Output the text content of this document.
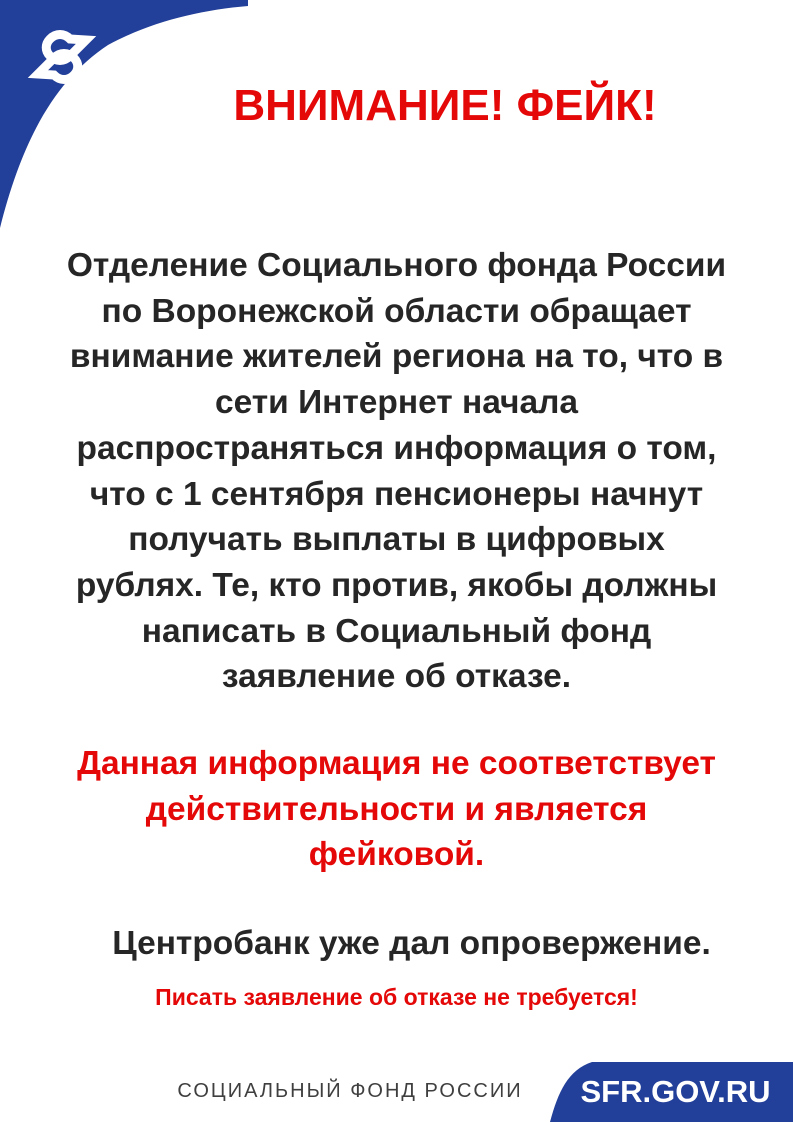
ВНИМАНИЕ! ФЕЙК!

Отделение Социального фонда России
по Воронежской области обращает
внимание жителей региона на то, что в
сети Интернет начала
распространяться информация о том,
что с 1 сентября пенсионеры начнут
получать выплаты в цифровых
рублях. Те, кто против, якобы должны
написать в Социальный фонд
заявление об отказе.

Данная информация не соответствует
действительности и является
фейковой.

Центробанк уже дал опровержение.

Писать заявление об отказе не требуется!

СОЦИАЛЬНЫЙ ФОНД РОССИИ	SFR.GOV.RU
